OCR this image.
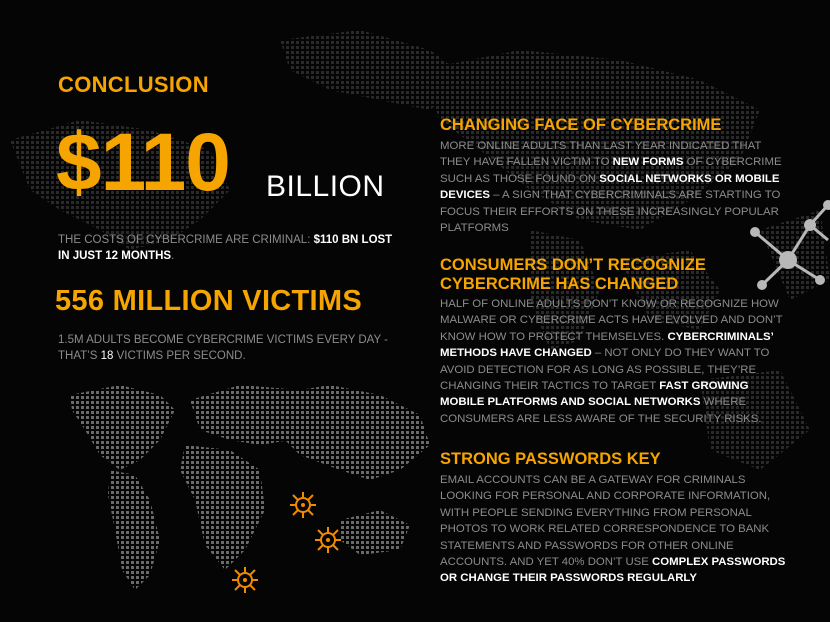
CONCLUSION
$110 BILLION
THE COSTS OF CYBERCRIME ARE CRIMINAL: $110 BN LOST IN JUST 12 MONTHS.
556 MILLION VICTIMS
1.5M ADULTS BECOME CYBERCRIME VICTIMS EVERY DAY - THAT’S 18 VICTIMS PER SECOND.
CHANGING FACE OF CYBERCRIME
MORE ONLINE ADULTS THAN LAST YEAR INDICATED THAT THEY HAVE FALLEN VICTIM TO NEW FORMS OF CYBERCRIME SUCH AS THOSE FOUND ON SOCIAL NETWORKS OR MOBILE DEVICES – A SIGN THAT CYBERCRIMINALS ARE STARTING TO FOCUS THEIR EFFORTS ON THESE INCREASINGLY POPULAR PLATFORMS
CONSUMERS DON’T RECOGNIZE CYBERCRIME HAS CHANGED
HALF OF ONLINE ADULTS DON’T KNOW OR RECOGNIZE HOW MALWARE OR CYBERCRIME ACTS HAVE EVOLVED AND DON’T KNOW HOW TO PROTECT THEMSELVES. CYBERCRIMINALS’ METHODS HAVE CHANGED – NOT ONLY DO THEY WANT TO AVOID DETECTION FOR AS LONG AS POSSIBLE, THEY’RE CHANGING THEIR TACTICS TO TARGET FAST GROWING MOBILE PLATFORMS AND SOCIAL NETWORKS WHERE CONSUMERS ARE LESS AWARE OF THE SECURITY RISKS.
STRONG PASSWORDS KEY
EMAIL ACCOUNTS CAN BE A GATEWAY FOR CRIMINALS LOOKING FOR PERSONAL AND CORPORATE INFORMATION, WITH PEOPLE SENDING EVERYTHING FROM PERSONAL PHOTOS TO WORK RELATED CORRESPONDENCE TO BANK STATEMENTS AND PASSWORDS FOR OTHER ONLINE ACCOUNTS. AND YET 40% DON’T USE COMPLEX PASSWORDS OR CHANGE THEIR PASSWORDS REGULARLY
